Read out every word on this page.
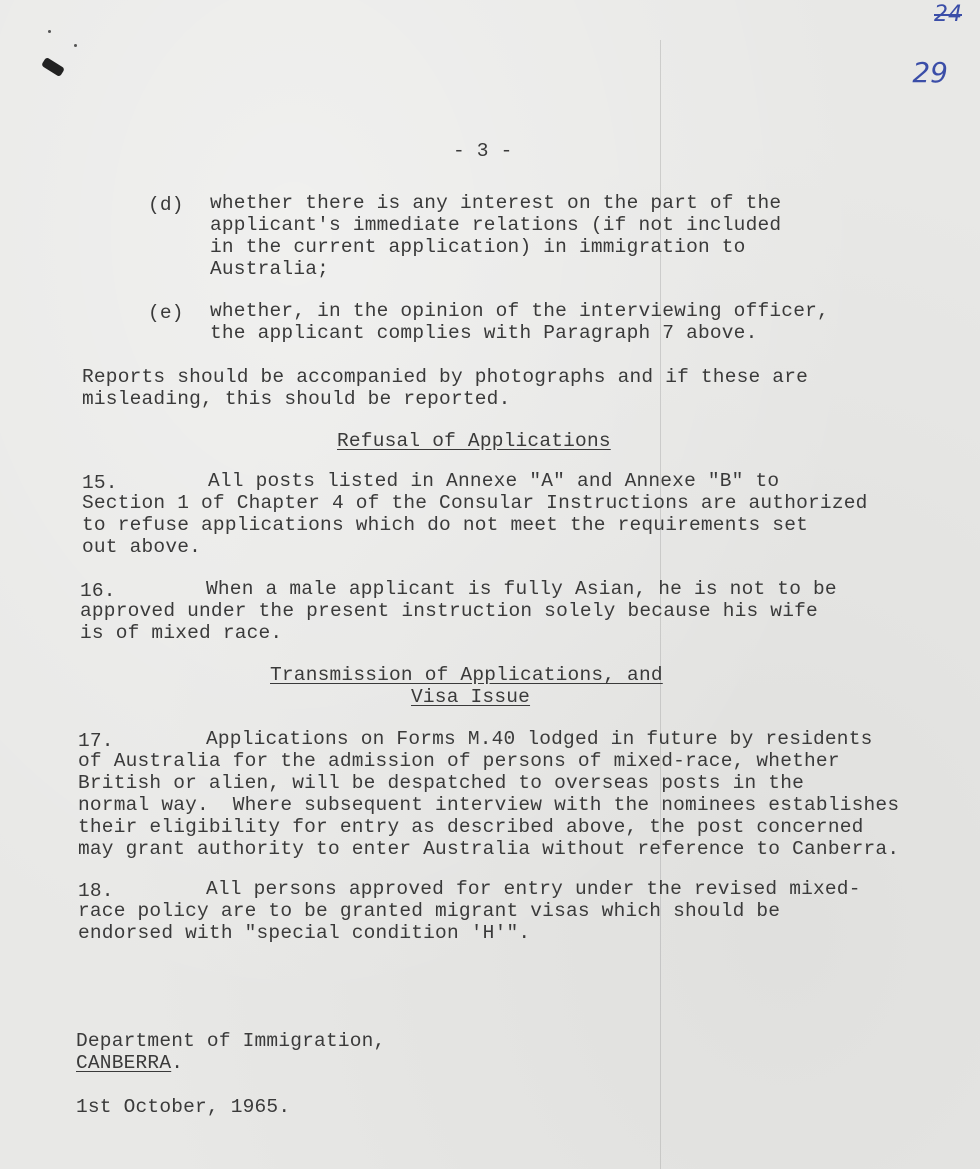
24
29
- 3 -
(d) whether there is any interest on the part of the
applicant's immediate relations (if not included
in the current application) in immigration to
Australia;
(e) whether, in the opinion of the interviewing officer,
the applicant complies with Paragraph 7 above.
Reports should be accompanied by photographs and if these are
misleading, this should be reported.
Refusal of Applications
15.	All posts listed in Annexe "A" and Annexe "B" to
Section 1 of Chapter 4 of the Consular Instructions are authorized
to refuse applications which do not meet the requirements set
out above.
16.	When a male applicant is fully Asian, he is not to be
approved under the present instruction solely because his wife
is of mixed race.
Transmission of Applications, and
Visa Issue
17.	Applications on Forms M.40 lodged in future by residents
of Australia for the admission of persons of mixed-race, whether
British or alien, will be despatched to overseas posts in the
normal way.  Where subsequent interview with the nominees establishes
their eligibility for entry as described above, the post concerned
may grant authority to enter Australia without reference to Canberra.
18.	All persons approved for entry under the revised mixed-
race policy are to be granted migrant visas which should be
endorsed with "special condition 'H'".
Department of Immigration,
CANBERRA.
1st October, 1965.
